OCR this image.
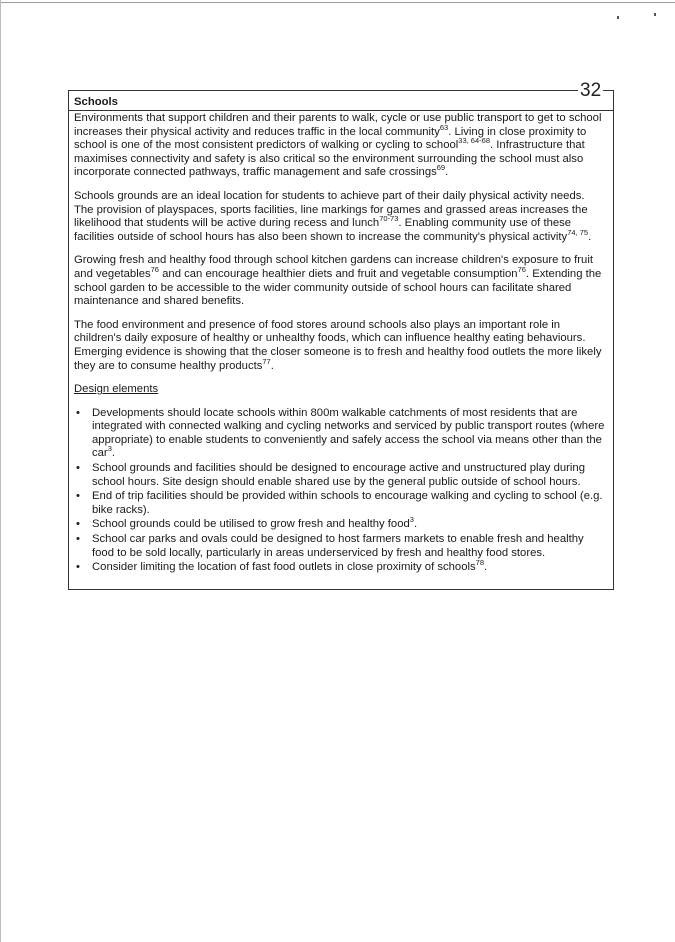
Schools

Environments that support children and their parents to walk, cycle or use public transport to get to school increases their physical activity and reduces traffic in the local community$^{63}$. Living in close proximity to school is one of the most consistent predictors of walking or cycling to school$^{33, 64-68}$. Infrastructure that maximises connectivity and safety is also critical so the environment surrounding the school must also incorporate connected pathways, traffic management and safe crossings$^{69}$.

Schools grounds are an ideal location for students to achieve part of their daily physical activity needs. The provision of playspaces, sports facilities, line markings for games and grassed areas increases the likelihood that students will be active during recess and lunch$^{70-73}$. Enabling community use of these facilities outside of school hours has also been shown to increase the community's physical activity$^{74, 75}$.

Growing fresh and healthy food through school kitchen gardens can increase children's exposure to fruit and vegetables$^{76}$ and can encourage healthier diets and fruit and vegetable consumption$^{76}$. Extending the school garden to be accessible to the wider community outside of school hours can facilitate shared maintenance and shared benefits.

The food environment and presence of food stores around schools also plays an important role in children's daily exposure of healthy or unhealthy foods, which can influence healthy eating behaviours. Emerging evidence is showing that the closer someone is to fresh and healthy food outlets the more likely they are to consume healthy products$^{77}$.

Design elements

• Developments should locate schools within 800m walkable catchments of most residents that are integrated with connected walking and cycling networks and serviced by public transport routes (where appropriate) to enable students to conveniently and safely access the school via means other than the car$^3$.
• School grounds and facilities should be designed to encourage active and unstructured play during school hours. Site design should enable shared use by the general public outside of school hours.
• End of trip facilities should be provided within schools to encourage walking and cycling to school (e.g. bike racks).
• School grounds could be utilised to grow fresh and healthy food$^3$.
• School car parks and ovals could be designed to host farmers markets to enable fresh and healthy food to be sold locally, particularly in areas underserviced by fresh and healthy food stores.
• Consider limiting the location of fast food outlets in close proximity of schools$^{78}$.
32
